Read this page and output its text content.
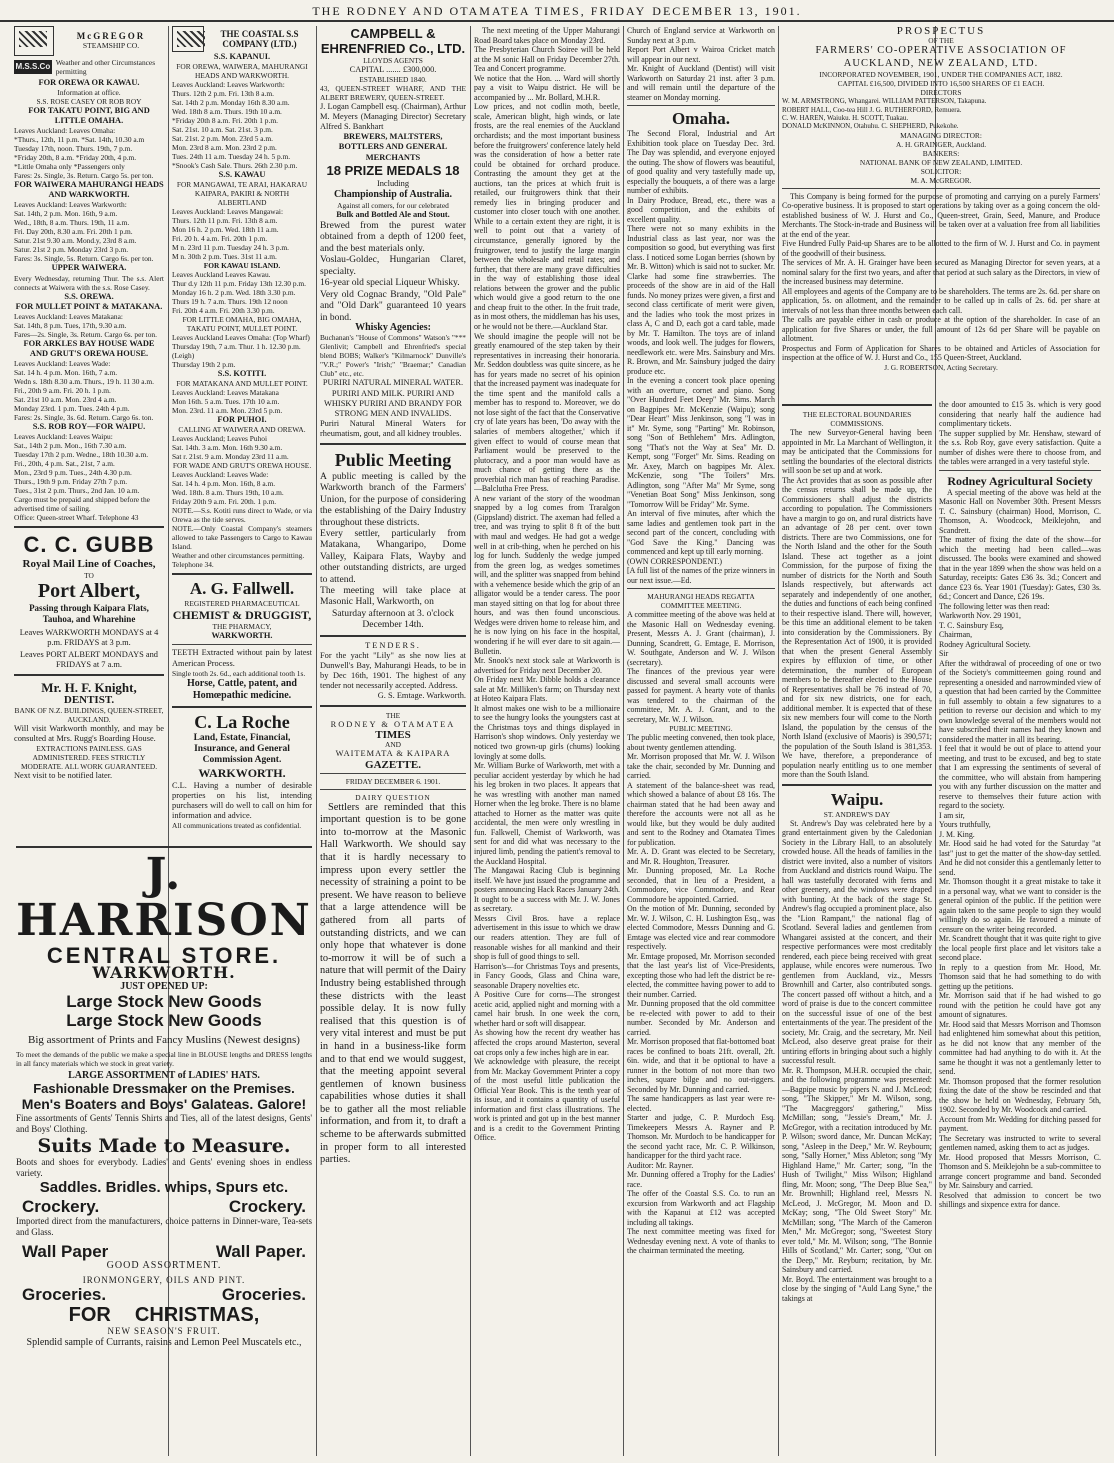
THE RODNEY AND OTAMATEA TIMES, FRIDAY DECEMBER 13, 1901.
McGREGOR
STEAMSHIP CO.
M.S.S.Co Weather and other Circumstances permitting
FOR OREWA OR KAWAU.
Information at office.
S.S. ROSE CASEY OR ROB ROY
FOR TAKATU POINT, BIG AND LITTLE OMAHA.
Leaves Auckland: Leaves Omaha:
*Thurs., 12th, 11 p.m. *Sat. 14th, 10.30 a.m
Tuesday 17th, noon. Thurs. 19th, 7 p.m.
*Friday 20th, 8 a.m. *Friday 20th, 4 p.m.
*Little Omaha only *Passengers only
Fares: 2s. Single, 3s. Return. Cargo 5s. per ton.
FOR WAIWERA MAHURANGI HEADS AND WARKWORTH.
Leaves Auckland: Leaves Warkworth:
Sat. 14th, 2 p.m. Mon. 16th, 9 a.m.
Wed., 18th, 8 a.m. Thurs. 19th, 11 a.m.
Fri. Day 20th, 8.30 a.m. Fri. 20th 1 p.m.
Satur. 21st 9.30 a.m. Mond.y, 23rd 8 a.m.
Satur. 21st 2 p.m. Monday 23rd 3 p.m.
Fares: 3s. Single, 5s. Return. Cargo 6s. per ton.
UPPER WAIWERA.
Every Wednesday, returning Thur. The s.s. Alert connects at Waiwera with the s.s. Rose Casey.
S.S. OREWA.
FOR MULLET POINT & MATAKANA.
Leaves Auckland: Leaves Matakana:
Sat. 14th, 8 p.m. Tues, 17th, 9.30 a.m.
Fares—2s. Single, 3s. Return. Cargo 6s. per ton.
FOR ARKLES BAY HOUSE WADE AND GRUT'S OREWA HOUSE.
Leaves Auckland: Leaves Wade:
Sat. 14 h. 4 p.m. Mon. 16th, 7 a.m.
Wedn s. 18th 8.30 a.m. Thurs., 19 h. 11 30 a.m.
Fri., 20th 9 a.m. Fri. 20 h. 1 p.m.
Sat. 21st 10 a.m. Mon. 23rd 4 a.m.
Monday 23rd. 1 p.m. Tues. 24th 4 p.m.
Fares: 2s. Single, 3s. 6d. Return. Cargo 6s. ton.
S.S. ROB ROY—FOR WAIPU.
Leaves Auckland: Leaves Waipu:
Sat., 14th 2 p.m. Mon., 16th 7.30 a.m.
Tuesday 17th 2 p.m. Wedne., 18th 10.30 a.m.
Fri., 20th, 4 p.m. Sat., 21st, 7 a.m.
Mon., 23rd 9 p.m. Tues., 24th 4.30 p.m.
Thurs., 19th 9 p.m. Friday 27th 7 p.m.
Tues., 31st 2 p.m. Thurs., 2nd Jan. 10 a.m.
Cargo must be prepaid and shipped before the advertised time of sailing.
Office: Queen-street Wharf. Telephone 43
C. C. GUBB
Royal Mail Line of Coaches,
TO
Port Albert,
Passing through Kaipara Flats, Tauhoa, and Wharehine
Leaves WARKWORTH MONDAYS at 4 p.m. FRIDAYS at 3 p.m.
Leaves PORT ALBERT MONDAYS and FRIDAYS at 7 a.m.
Mr. H. F. Knight,
DENTIST.
BANK OF N.Z. BUILDINGS, QUEEN-STREET, AUCKLAND.
Will visit Warkworth monthly, and may be consulted at Mrs. Rugg's Boarding House.
EXTRACTIONS PAINLESS. GAS ADMINISTERED. FEES STRICTLY MODERATE. ALL WORK GUARANTEED.
Next visit to be notified later.
THE COASTAL S.S COMPANY (LTD.)
S.S. KAPANUI.
FOR OREWA, WAIWERA, MAHURANGI HEADS AND WARKWORTH.
Leaves Auckland: Leaves Warkworth:
Thurs. 12th 2 p.m. Fri. 13th 8 a.m.
Sat. 14th 2 p.m. Monday 16th 8.30 a.m.
Wed. 18th 8 a.m. Thurs. 19th 10 a.m.
*Friday 20th 8 a.m. Fri. 20th 1 p.m.
Sat. 21st. 10 a.m. Sat. 21st. 3 p.m.
Sat. 21st. 2 p.m. Mon. 23rd 5 a.m.
Mon. 23rd 8 a.m. Mon. 23rd 2 p.m.
Tues. 24th 11 a.m. Tuesday 24 h. 5 p.m.
*Snook's Cash Sale. Thurs. 26th 2.30 p.m.
S.S. KAWAU
FOR MANGAWAI, TE ARAI, HAKARAU KAIPARA, PAKIRI & NORTH ALBERTLAND
Leaves Auckland: Leaves Mangawai:
Thurs. 12th 11 p.m. Fri. 13th 8 a.m.
Mon 16 h. 2 p.m. Wed. 18th 11 a.m.
Fri. 20 h. 4 a.m. Fri. 20th 1 p.m.
M n. 23rd 11 p.m. Tuesday 24 h. 3 p.m.
M n. 30th 2 p.m. Tues. 31st 11 a.m.
FOR KAWAU ISLAND.
Leaves Auckland Leaves Kawau.
Thur d.y 12th 11 p.m. Friday 13th 12.30 p.m.
Monday 16 h. 2 p.m. Wed. 18th 3.30 p.m.
Thurs 19 h. 7 a.m. Thurs. 19th 12 noon
Fri. 20th 4 a.m. Fri. 20th 3.30 p.m.
FOR LITTLE OMAHA, BIG OMAHA, TAKATU POINT, MULLET POINT.
Leaves Auckland Leaves Omaha: (Top Wharf)
Thursday 19th, 7 a.m. Thur. 1 h. 12.30 p.m. (Leigh)
Thursday 19th 2 p.m.
S.S. KOTITI.
FOR MATAKANA AND MULLET POINT.
Leaves Auckland: Leaves Matakana
Mon 16th. 5 a.m. Tues. 17th 10 a.m.
Mon. 23rd. 11 a.m. Mon. 23rd 5 p.m.
FOR PUHOI.
CALLING AT WAIWERA AND OREWA.
Leaves Auckland; Leaves Puhoi
Sat. 14th. 3 a.m. Mon. 16th 9.30 a.m.
Sat r. 21st. 9 a.m. Monday 23rd 11 a.m.
FOR WADE AND GRUT'S OREWA HOUSE.
Leaves Auckland: Leaves Wade:
Sat. 14 h. 4 p.m. Mon. 16th, 8 a.m.
Wed. 18th. 8 a.m. Thurs 19th, 10 a.m.
Friday 20th 9 a.m. Fri. 20th. 1 p.m.
NOTE.—S.s. Kotiti runs direct to Wade, or via Orewa as the tide serves.
NOTE.—Only Coastal Company's steamers allowed to take Passengers to Cargo to Kawau Island.
Weather and other circumstances permitting. Telephone 34.
A. G. Fallwell.
REGISTERED PHARMACEUTICAL
CHEMIST & DRUGGIST,
THE PHARMACY,
WARKWORTH.
TEETH Extracted without pain by latest American Process.
Single tooth 2s. 6d., each additional tooth 1s.
Horse, Cattle, patent, and Homœpathic medicine.
C. La Roche
Land, Estate, Financial, Insurance, and General Commission Agent.
WARKWORTH.
C.L. Having a number of desirable properties on his list, intending purchasers will do well to call on him for information and advice.
All communications treated as confidential.
CAMPBELL & EHRENFRIED Co., LTD.
LLOYDS AGENTS
CAPITAL ....... £300,000.
ESTABLISHED 1840.
43, QUEEN-STREET WHARF, AND THE ALBERT BREWERY, QUEEN-STREET.
J. Logan Campbell esq. (Chairman), Arthur M. Meyers (Managing Director) Secretary Alfred S. Bankhart
BREWERS, MALTSTERS, BOTTLERS AND GENERAL MERCHANTS
18 PRIZE MEDALS 18
Including
Championship of Australia.
Against all comers, for our celebrated
Bulk and Bottled Ale and Stout.
Brewed from the purest water obtained from a depth of 1200 feet, and the best materials only.
Voslau-Goldec, Hungarian Claret, specialty.
16-year old special Liqueur Whisky.
Very old Cognac Brandy, "Old Pale" and "Old Dark" guaranteed 10 years in bond.
Whisky Agencies:
Buchanan's "House of Commons" Watson's "*** Glenlivit; Campbell and Ehrenfried's special blend BOBS; Walker's "Kilmarnock" Dunville's "V.R.;" Power's "Irish;" "Braemar;" Canadian Club" etc., etc.
PURIRI NATURAL MINERAL WATER.
PURIRI AND MILK. PURIRI AND WHISKY PURIRI AND BRANDY FOR STRONG MEN AND INVALIDS.
Puriri Natural Mineral Waters for rheumatism, gout, and all kidney troubles.
Public Meeting
A public meeting is called by the Warkworth branch of the Farmers' Union, for the purpose of considering the establishing of the Dairy Industry throughout these districts.
Every settler, particularly from Matakana, Whangaripo, Dome Valley, Kaipara Flats, Wayby and other outstanding districts, are urged to attend.
The meeting will take place at Masonic Hall, Warkworth, on
Saturday afternoon at 3. o'clock December 14th.
TENDERS.
For the yacht "Lily" as she now lies at Dunwell's Bay, Mahurangi Heads, to be in by Dec 16th, 1901. The highest of any tender not necessarily accepted. Address.
G. S. Emtage. Warkworth.
THE
RODNEY & OTAMATEA
TIMES
AND
WAITEMATA & KAIPARA
GAZETTE.
FRIDAY DECEMBER 6. 1901.
DAIRY QUESTION
Settlers are reminded that this important question is to be gone into to-morrow at the Masonic Hall Warkworth. We should say that it is hardly necessary to impress upon every settler the necessity of straining a point to be present. We have reason to believe that a large attendence will be gathered from all parts of outstanding districts, and we can only hope that whatever is done to-morrow it will be of such a nature that will permit of the Dairy Industry being established through these districts with the least possible delay. It is now fully realised that this question is of very vital interest and must be put in hand in a business-like form and to that end we would suggest, that the meeting appoint several gentlemen of known business capabilities whose duties it shall be to gather all the most reliable information, and from it, to draft a scheme to be afterwards submitted in proper form to all interested parties.
The next meeting of the Upper Mahurangi Road Board takes place on Monday 23rd.
The Presbyterian Church Soiree will be held at the M sonic Hall on Friday December 27th. Tea and Concert programme.
We notice that the Hon. ... Ward will shortly pay a visit to Waipu district. He will be accompanied by ... Mr. Bollard, M.H.R.
Low prices, and not codlin moth, beetle, scale, American blight, high winds, or late frosts, are the real enemies of the Auckland orchardists; and the most important business before the fruitgrowers' conference lately held was the consideration of how a better rate could be obtained for orchard produce. Contrasting the amount they get at the auctions, tan the prices at which fruit is retailed, our fruitgrowers think that their remedy lies in bringing producer and customer into closer touch with one another. While to a certain extent they are right, it is well to point out that a variety of circumstance, generally ignored by the fruitgrower, tend to justify the large margin between the wholesale and retail rates; and further, that there are many grave difficulties in the way of establishing those ideal relations between the grower and the public which would give a good return to the one and cheap fruit to the other. In the fruit trade, as in most others, the middleman has his uses, or he would not be there.—Auckland Star.
We should imagine the people will not be greatly enamoured of the step taken by their representatives in increasing their honoraria. Mr. Seddon doubtless was quite sincere, as he has for years made no secret of his opinion that the increased payment was inadequate for the time spent and the manifold calls a member has to respond to. Moreover, we do not lose sight of the fact that the Conservative cry of late years has been, 'Do away with the salaries of members altogether,' which if given effect to would of course mean that Parliament would be preserved to the plutocracy, and a poor man would have as much chance of getting there as the proverbial rich man has of reaching Paradise.—Balclutha Free Press.
A new variant of the story of the woodman snapped by a log comes from Traralgon (Gippsland) district. The axeman had felled a tree, and was trying to split 8 ft of the butt with maul and wedges. He had got a wedge well in at crib-thing, when he perched on his log for lunch. Suddenly the wedge jumped from the green log, as wedges sometimes will, and the splitter was snapped from behind with a vehemence beside which the grip of an alligator would be a tender caress. The poor man stayed sitting on that log for about three hours, and was then found unconscious. Wedges were driven home to release him, and he is now lying on his face in the hospital, wondering if he will ever dare to sit again.—Bulletin.
Mr. Snook's next stock sale at Warkworth is advertised for Friday next December 20.
On Friday next Mr. Dibble holds a clearance sale at Mr. Milliken's farm; on Thursday next at Hoteo Kaipara Flats.
It almost makes one wish to be a millionaire to see the hungry looks the youngsters cast at the Christmas toys and things displayed in Harrison's shop windows. Only yesterday we noticed two grown-up girls (chums) looking lovingly at some dolls.
Mr. William Burke of Warkworth, met with a peculiar accident yesterday by which he had his leg broken in two places. It appears that he was wrestling with another man named Horner when the leg broke. There is no blame attached to Horner as the matter was quite accidental, the men were only wrestling in fun. Falkwell, Chemist of Warkworth, was sent for and did what was necessary to the injured limb, pending the patient's removal to the Auckland Hospital.
The Mangawai Racing Club is beginning itself. We have just issued the programme and posters announcing Hack Races January 24th. It ought to be a success with Mr. J. W. Jones as secretary.
Messrs Civil Bros. have a replace advertisement in this issue to which we draw our readers attention. They are full of reasonable wishes for all mankind and their shop is full of good things to sell.
Harrison's—for Christmas Toys and presents, in Fancy Goods, Glass and China ware, seasonable Drapery novelties etc.
A Positive Cure for corns—The strongest acetic acid, applied night and morning with a camel hair brush. In one week the corn, whether hard or soft will disappear.
As showing how the recent dry weather has affected the crops around Masterton, several oat crops only a few inches high are in ear.
We acknowledge with pleasure, the receipt from Mr. Mackay Government Printer a copy of the most useful little publication the Official Year Book. This is the tenth year of its issue, and it contains a quantity of useful information and first class illustrations. The work is printed and got up in the best manner and is a credit to the Government Printing Office.
Church of England service at Warkworth on Sunday next at 3 p.m.
Report Port Albert v Wairoa Cricket match will appear in our next.
Mr. Knight of Auckland (Dentist) will visit Warkworth on Saturday 21 inst. after 3 p.m. and will remain until the departure of the steamer on Monday morning.
Omaha.
The Second Floral, Industrial and Art Exhibition took place on Tuesday Dec. 3rd. The Day was splendid, and everyone enjoyed the outing. The show of flowers was beautiful, of good quality and very tastefully made up, especially the bouquets, a of there was a large number of exhibits.
In Dairy Produce, Bread, etc., there was a good competition, and the exhibits of excellent quality.
There were not so many exhibits in the Industrial class as last year, nor was the composition so good, but everything was first class. I noticed some Logan berries (shown by Mr. B. Witton) which is said not to sucker. Mr. Clarke had some fine strawberries. The proceeds of the show are in aid of the Hall funds. No money prizes were given, a first and second class certificate of merit were given, and the ladies who took the most prizes in class A, C and D, each got a card table, made by Mr. T. Hamilton. The toys are of inland woods, and look well. The judges for flowers, needlework etc. were Mrs. Sainsbury and Mrs. R. Brown, and Mr. Sainsbury judged the dairy produce etc.
In the evening a concert took place opening with an overture, cornet and piano. Song "Over Hundred Feet Deep" Mr. Sims. March on Bagpipes Mr. McKenzie (Waipu); song "Dear Heart" Miss Jenkinson, song "I was in it" Mr. Syme, song "Parting" Mr. Robinson, song "Son of Bethlehem" Mrs. Adlington, song "That's not the Way at Sea" Mr. D. Kempt, song "Forget" Mr. Sims. Reading on Mr. Axey, March on bagpipes Mr. Alex. McKenzie, song "The Toilers" Mrs. Adlington, song "After Ma" Mr Syme, song "Venetian Boat Song" Miss Jenkinson, song "Tomorrow Will be Friday" Mr. Syme.
An interval of five minutes, after which the same ladies and gentlemen took part in the second part of the concert, concluding with "God Save the King." Dancing was commenced and kept up till early morning.
(OWN CORRESPONDENT.)
[A full list of the names of the prize winners in our next issue.—Ed.
MAHURANGI HEADS REGATTA
COMMITTEE MEETING.
A committee meeting of the above was held at the Masonic Hall on Wednesday evening. Present, Messrs A. J. Grant (chairman), J. Dunning, Scandrett, G. Emtage, E. Morrison, W. Southgate, Anderson and W. J. Wilson (secretary).
The finances of the previous year were discussed and several small accounts were passed for payment. A hearty vote of thanks was tendered to the chairman of the committee, Mr. A. J. Grant, and to the secretary, Mr. W. J. Wilson.
PUBLIC MEETING.
The public meeting convened, then took place, about twenty gentlemen attending.
Mr. Morrison proposed that Mr. W. J. Wilson take the chair, seconded by Mr. Dunning and carried.
A statement of the balance-sheet was read, which showed a balance of about £8 16s. The chairman stated that he had been away and therefore the accounts were not all as he would like, but they would be duly audited and sent to the Rodney and Otamatea Times for publication.
Mr. A. D. Grant was elected to be Secretary, and Mr. R. Houghton, Treasurer.
Mr. Dunning proposed, Mr. La Roche seconded, that in lieu of a President, a Commodore, vice Commodore, and Rear Commodore be appointed. Carried.
On the motion of Mr. Dunning, seconded by Mr. W. J. Wilson, C. H. Lushington Esq., was elected Commodore, Messrs Dunning and G. Emtage was elected vice and rear commodore respectively.
Mr. Emtage proposed, Mr. Morrison seconded that the last year's list of Vice-Presidents, excepting those who had left the district be re-elected, the committee having power to add to their number. Carried.
Mr. Dunning proposed that the old committee be re-elected with power to add to their number. Seconded by Mr. Anderson and carried.
Mr. Morrison proposed that flat-bottomed boat races be confined to boats 21ft. overall, 2ft. 6in. wide, and that it be optional to have a runner in the bottom of not more than two inches, square bilge and no out-riggers. Seconded by Mr. Dunning and carried.
The same handicappers as last year were re-elected.
Starter and judge, C. P. Murdoch Esq. Timekeepers Messrs A. Rayner and P. Thomson. Mr. Murdoch to be handicapper for the second yacht race, Mr. C. P. Wilkinson, handicapper for the third yacht race.
Auditor: Mr. Rayner.
Mr. Dunning offered a Trophy for the Ladies' race.
The offer of the Coastal S.S. Co. to run an excursion from Warkworth and act Flagship with the Kapanui at £12 was accepted including all takings.
The next committee meeting was fixed for Wednesday evening next. A vote of thanks to the chairman terminated the meeting.
PROSPECTUS
OF THE
FARMERS' CO-OPERATIVE ASSOCIATION OF AUCKLAND, NEW ZEALAND, LTD.
INCORPORATED NOVEMBER, 1901, UNDER THE COMPANIES ACT, 1882.
CAPITAL £16,500, DIVIDED INTO 16,500 SHARES OF £1 EACH.
DIRECTORS
W. M. ARMSTRONG, Whangarei. WILLIAM PATTERSON, Takapuna.
ROBERT HALL, Coo-tea Hill J. G. RUTHERFORD, Remuera.
C. W. HAREN, Waiuku. H. SCOTT, Tuakau.
DONALD McKINNON, Otahuhu. C. SHEPHERD, Pukekohe.
MANAGING DIRECTOR:
A. H. GRAINGER, Auckland.
BANKERS:
NATIONAL BANK OF NEW ZEALAND, LIMITED.
SOLICITOR:
M. A. McGREGOR.
This Company is being formed for the purpose of promoting and carrying on a purely Farmers' Co-operative business. It is proposed to start operations by taking over as a going concern the old-established business of W. J. Hurst and Co., Queen-street, Grain, Seed, Manure, and Produce Merchants. The Stock-in-trade and Business will be taken over at a valuation free from all liabilities at the end of the year.
Five Hundred Fully Paid-up Shares are to be allotted to the firm of W. J. Hurst and Co. in payment of the goodwill of their business.
The services of Mr. A. H. Grainger have been secured as Managing Director for seven years, at a nominal salary for the first two years, and after that period at such salary as the Directors, in view of the increased business may determine.
All employees and agents of the Company are to be shareholders. The terms are 2s. 6d. per share on application, 5s. on allotment, and the remainder to be called up in calls of 2s. 6d. per share at intervals of not less than three months between each call.
The calls are payable either in cash or produce at the option of the shareholder. In case of an application for five Shares or under, the full amount of 12s 6d per Share will be payable on allotment.
Prospectus and Form of Application for Shares to be obtained and Articles of Association for inspection at the office of W. J. Hurst and Co., 155 Queen-Street, Auckland.
J. G. ROBERTSON, Acting Secretary.
THE ELECTORAL BOUNDARIES COMMISSIONS.
The new Surveyor-General having been appointed in Mr. La Marchant of Wellington, it may be anticipated that the Commissions for settling the boundaries of the electoral districts will soon be set up and at work.
The Act provides that as soon as possible after the census returns shall be made up, the Commissioners shall adjust the districts according to population. The Commissioners have a margin to go on, and rural districts have an advantage of 28 per cent. over town districts. There are two Commissions, one for the North Island and the other for the South Island. These act together as a joint Commission, for the purpose of fixing the number of districts for the North and South Islands respectively, but afterwards act separately and independently of one another, the duties and functions of each being confined to their respective island. There will, however, be this time an additional element to be taken into consideration by the Commissioners. By the Representation Act of 1900, it is provided that when the present General Assembly expires by effluxion of time, or other determination, the number of European members to be thereafter elected to the House of Representatives shall be 76 instead of 70, and for six new districts, one for each, additional member. It is expected that of these six new members four will come to the North Island, the population by the census of the North Island (exclusive of Maoris) is 390,571; the population of the South Island is 381,353. We have, therefore, a preponderance of population nearly entitling us to one member more than the South Island.
Waipu.
ST. ANDREW'S DAY
St. Andrew's Day was celebrated here by a grand entertainment given by the Caledonian Society in the Library Hall, to an absolutely crowded house. All the heads of families in the district were invited, also a number of visitors from Auckland and districts round Waipu. The hall was tastefully decorated with ferns and other greenery, and the windows were draped with bunting. At the back of the stage St. Andrew's flag occupied a prominent place, also the "Lion Rampant," the national flag of Scotland. Several ladies and gentlemen from Whangarei assisted at the concert, and their respective performances were most creditably rendered, each piece being received with great applause, while encores were numerous. Two gentlemen from Auckland, viz., Messrs Brownhill and Carter, also contributed songs. The concert passed off without a hitch, and a word of praise is due to the concert committee on the successful issue of one of the best entertainments of the year. The president of the society, Mr. Craig, and the secretary, Mr. Neil McLeod, also deserve great praise for their untiring efforts in bringing about such a highly successful result.
Mr. R. Thompson, M.H.R. occupied the chair, and the following programme was presented:—Bagpipe music by pipers N. and J. McLeod; song, "The Skipper," Mr M. Wilson, song, "The Macgreggors' gathering," Miss McMillan; song, "Jessie's Dream," Mr. J. McGregor, with a recitation introduced by Mr. P. Wilson; sword dance, Mr. Duncan McKay; song, "Asleep in the Deep," Mr. W. Reybourn; song, "Sally Horner," Miss Ableton; song "My Highland Hame," Mr. Carter; song, "In the Hush of Twilight," Miss Wilson; Highland fling, Mr. Moon; song, "The Deep Blue Sea," Mr. Brownhill; Highland reel, Messrs N. McLeod, J. McGregor, M. Moon and D. McKay; song, "The Old Sweet Story" Mr. McMillan; song, "The March of the Cameron Men," Mr. McGregor; song, "Sweetest Story ever told," Mr. M. Wilson; song, "The Bonnie Hills of Scotland," Mr. Carter; song, "Out on the Deep," Mr. Reyburn; recitation, by Mr. Sainsbury and carried.
Mr. Boyd. The entertainment was brought to a close by the singing of "Auld Lang Syne," the takings at
the door amounted to £15 3s. which is very good considering that nearly half the audience had complimentary tickets.
The supper supplied by Mr. Henshaw, steward of the s.s. Rob Roy, gave every satisfaction. Quite a number of dishes were there to choose from, and the tables were arranged in a very tasteful style.
Rodney Agricultural Society
A special meeting of the above was held at the Masonic Hall on November 30th. Present Messrs T. C. Sainsbury (chairman) Hood, Morrison, C. Thomson, A. Woodcock, Meiklejohn, and Scandrett.
The matter of fixing the date of the show—for which the meeting had been called—was discussed. The books were examined and showed that in the year 1899 when the show was held on a Saturday, receipts: Gates £36 3s. 3d.; Concert and dance £23 6s. Year 1901 (Tuesday): Gates, £30 3s. 6d.; Concert and Dance, £26 19s.
The following letter was then read:
Warkworth Nov. 29 1901,
T. C. Sainsbury Esq,
Chairman,
Rodney Agricultural Society.
Sir
After the withdrawal of proceeding of one or two of the Society's committeemen going round and representing a onesided and narrowminded view of a question that had been carried by the Committee in full assembly to obtain a few signatures to a petition to reverse our decision and which to my own knowledge several of the members would not have subscribed their names had they known and considered the matter in all its bearing.
I feel that it would be out of place to attend your meeting, and trust to be excused, and beg to state that I am expressing the sentiments of several of the committee, who will abstain from hampering you with any further discussion on the matter and reserve to themselves their future action with regard to the society.
I am sir,
Yours truthfully,
J. M. King.
Mr. Hood said he had voted for the Saturday "at last" just to get the matter of the show-day settled. And he did not consider this a gentlemanly letter to send.
Mr. Thomson thought it a great mistake to take it in a personal way, what we want to consider is the general opinion of the public. If the petition were again taken to the same people to sign they would willingly do so again. He favoured a minute of censure on the writer being recorded.
Mr. Scandrett thought that it was quite right to give the local people first place and let visitors take a second place.
In reply to a question from Mr. Hood, Mr. Thomson said that he had something to do with getting up the petitions.
Mr. Morrison said that if he had wished to go round with the petition he could have got any amount of signatures.
Mr. Hood said that Messrs Morrison and Thomson had enlightened him somewhat about this petition, as he did not know that any member of the committee had had anything to do with it. At the same he thought it was not a gentlemanly letter to send.
Mr. Thomson proposed that the former resolution fixing the date of the show be rescinded and that the show be held on Wednesday, February 5th, 1902. Seconded by Mr. Woodcock and carried.
Account from Mr. Wedding for ditching passed for payment.
The Secretary was instructed to write to several gentlemen named, asking them to act as judges.
Mr. Hood proposed that Messrs Morrison, C. Thomson and S. Meiklejohn be a sub-committee to arrange concert programme and band. Seconded by Mr. Sainsbury and carried.
Resolved that admission to concert be two shillings and sixpence extra for dance.
J. HARRISON
CENTRAL STORE.
WARKWORTH.
JUST OPENED UP:
Large Stock New Goods
Large Stock New Goods
Big assortment of Prints and Fancy Muslins (Newest designs)
To meet the demands of the public we make a special line in BLOUSE lengths and DRESS lengths in all fancy materials which we stock in great variety.
LARGE ASSORTMENT of LADIES' HATS.
Fashionable Dressmaker on the Premises.
Men's Boaters and Boys' Galateas. Galore!
Fine assortments of Gents' Tennis Shirts and Ties, all of the latest designs, Gents' and Boys' Clothing.
Suits Made to Measure.
Boots and shoes for everybody. Ladies' and Gents' evening shoes in endless variety.
Saddles. Bridles. whips, Spurs etc.
Crockery.	Crockery.
Imported direct from the manufacturers, choice patterns in Dinner-ware, Tea-sets and Glass.
Wall Paper	Wall Paper.
GOOD ASSORTMENT.
IRONMONGERY, OILS AND PINT.
Groceries.	Groceries.
FOR CHRISTMAS,
NEW SEASON'S FRUIT.
Splendid sample of Currants, raisins and Lemon Peel Muscatels etc.,
